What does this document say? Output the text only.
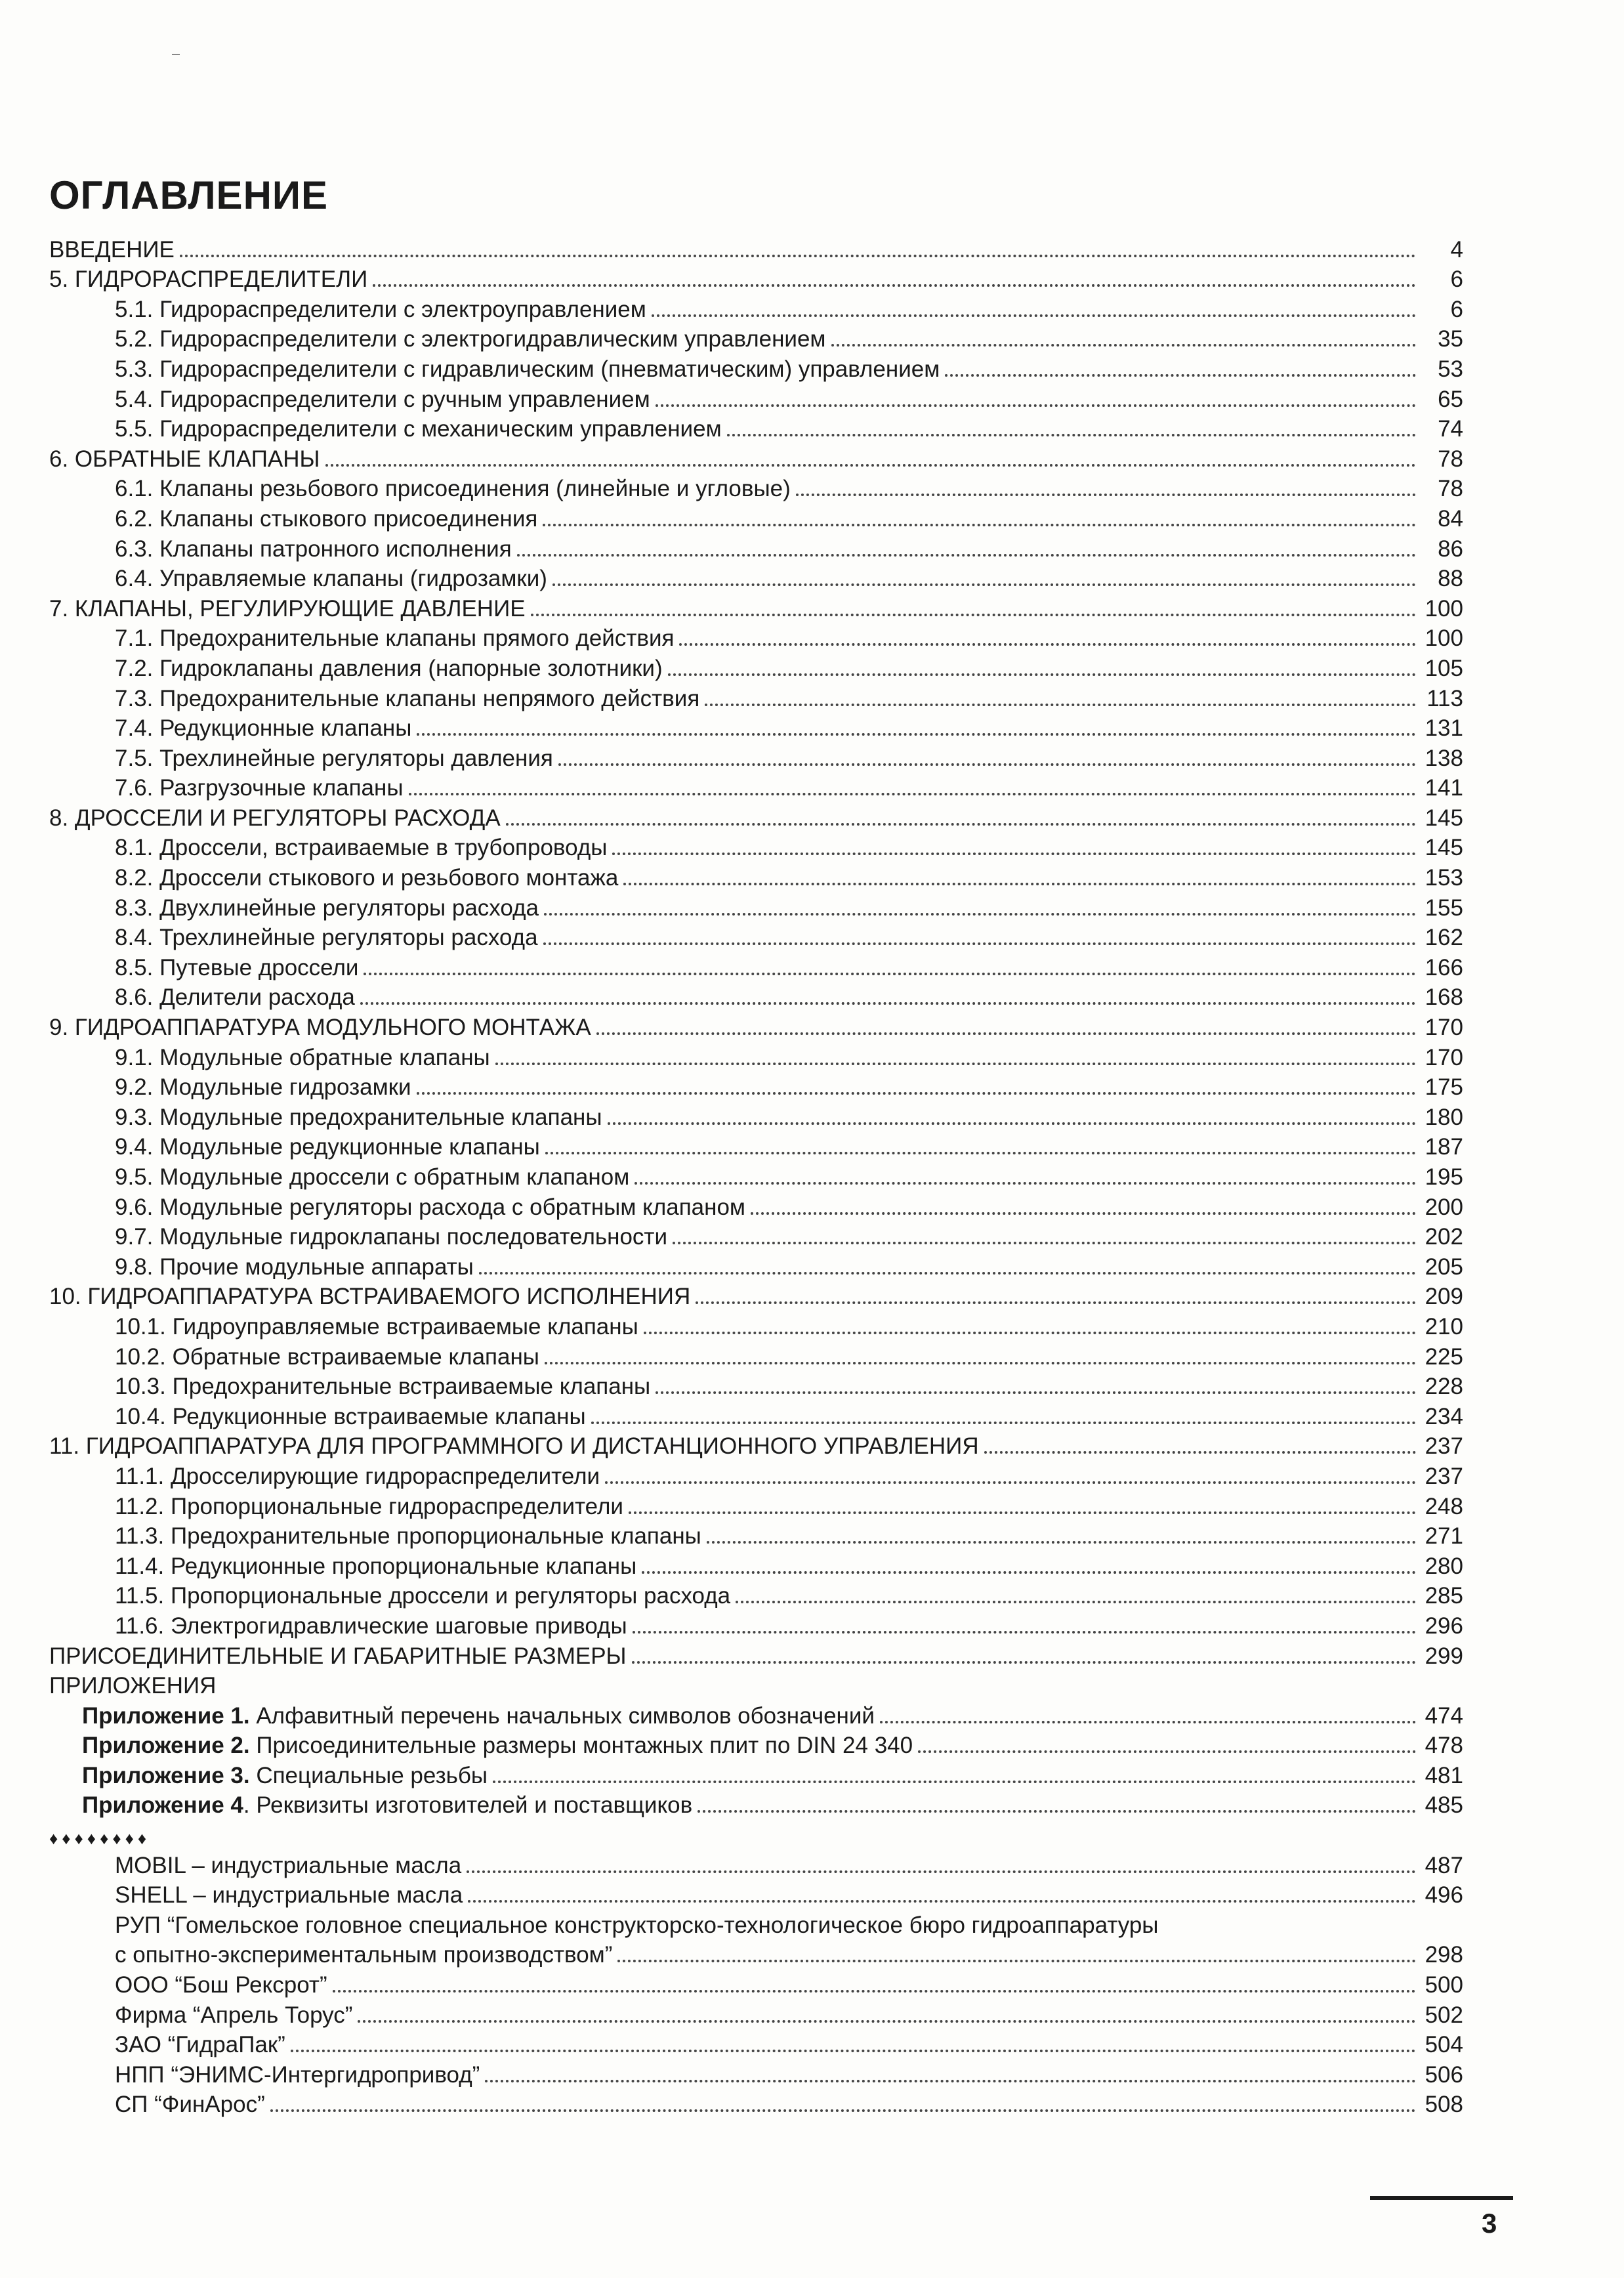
ОГЛАВЛЕНИЕ
ВВЕДЕНИЕ	4
5. ГИДРОРАСПРЕДЕЛИТЕЛИ	6
5.1. Гидрораспределители с электроуправлением	6
5.2. Гидрораспределители с электрогидравлическим управлением	35
5.3. Гидрораспределители с гидравлическим (пневматическим) управлением	53
5.4. Гидрораспределители с ручным управлением	65
5.5. Гидрораспределители с механическим управлением	74
6. ОБРАТНЫЕ КЛАПАНЫ	78
6.1. Клапаны резьбового присоединения (линейные и угловые)	78
6.2. Клапаны стыкового присоединения	84
6.3. Клапаны патронного исполнения	86
6.4. Управляемые клапаны (гидрозамки)	88
7. КЛАПАНЫ, РЕГУЛИРУЮЩИЕ ДАВЛЕНИЕ	100
7.1. Предохранительные клапаны прямого действия	100
7.2. Гидроклапаны давления (напорные золотники)	105
7.3. Предохранительные клапаны непрямого действия	113
7.4. Редукционные клапаны	131
7.5. Трехлинейные регуляторы давления	138
7.6. Разгрузочные клапаны	141
8. ДРОССЕЛИ И РЕГУЛЯТОРЫ РАСХОДА	145
8.1. Дроссели, встраиваемые в трубопроводы	145
8.2. Дроссели стыкового и резьбового монтажа	153
8.3. Двухлинейные регуляторы расхода	155
8.4. Трехлинейные регуляторы расхода	162
8.5. Путевые дроссели	166
8.6. Делители расхода	168
9. ГИДРОАППАРАТУРА МОДУЛЬНОГО МОНТАЖА	170
9.1. Модульные обратные клапаны	170
9.2. Модульные гидрозамки	175
9.3. Модульные предохранительные клапаны	180
9.4. Модульные редукционные клапаны	187
9.5. Модульные дроссели с обратным клапаном	195
9.6. Модульные регуляторы расхода с обратным клапаном	200
9.7. Модульные гидроклапаны последовательности	202
9.8. Прочие модульные аппараты	205
10. ГИДРОАППАРАТУРА ВСТРАИВАЕМОГО ИСПОЛНЕНИЯ	209
10.1. Гидроуправляемые встраиваемые клапаны	210
10.2. Обратные встраиваемые клапаны	225
10.3. Предохранительные встраиваемые клапаны	228
10.4. Редукционные встраиваемые клапаны	234
11. ГИДРОАППАРАТУРА ДЛЯ ПРОГРАММНОГО И ДИСТАНЦИОННОГО УПРАВЛЕНИЯ	237
11.1. Дросселирующие гидрораспределители	237
11.2. Пропорциональные гидрораспределители	248
11.3. Предохранительные пропорциональные клапаны	271
11.4. Редукционные пропорциональные клапаны	280
11.5. Пропорциональные дроссели и регуляторы расхода	285
11.6. Электрогидравлические шаговые приводы	296
ПРИСОЕДИНИТЕЛЬНЫЕ И ГАБАРИТНЫЕ РАЗМЕРЫ	299
ПРИЛОЖЕНИЯ
Приложение 1. Алфавитный перечень начальных символов обозначений	474
Приложение 2. Присоединительные размеры монтажных плит по DIN 24 340	478
Приложение 3. Специальные резьбы	481
Приложение 4. Реквизиты изготовителей и поставщиков	485
♦♦♦♦♦♦♦♦
MOBIL – индустриальные масла	487
SHELL – индустриальные масла	496
РУП “Гомельское головное специальное конструкторско-технологическое бюро гидроаппаратуры
с опытно-экспериментальным производством”	298
ООО “Бош Рексрот”	500
Фирма “Апрель Торус”	502
ЗАО “ГидраПак”	504
НПП “ЭНИМС-Интергидропривод”	506
СП “ФинАрос”	508
3
